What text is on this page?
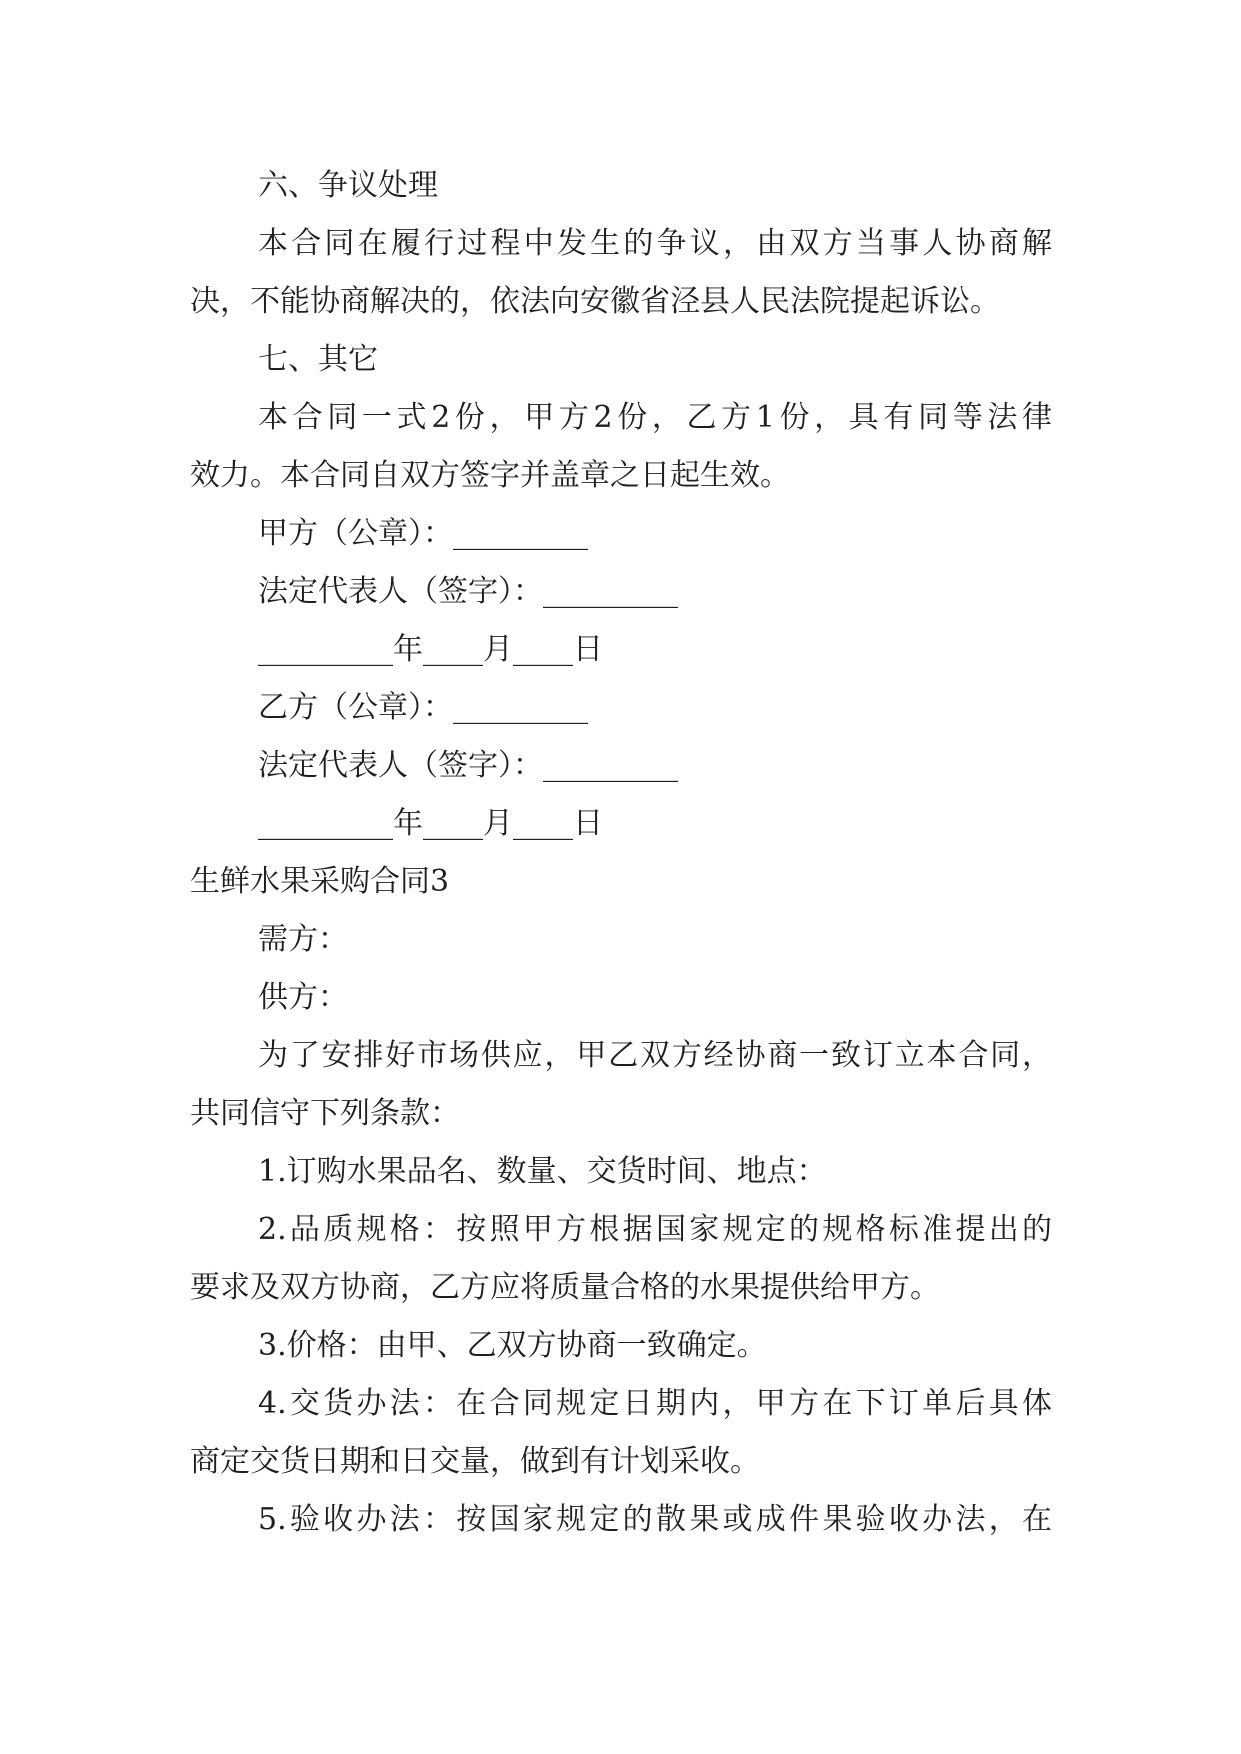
六、争议处理
本合同在履行过程中发生的争议，由双方当事人协商解
决，不能协商解决的，依法向安徽省泾县人民法院提起诉讼。
七、其它
本合同一式2份，甲方2份，乙方1份，具有同等法律
效力。本合同自双方签字并盖章之日起生效。
甲方（公章）：_________
法定代表人（签字）：_________
_________年____月____日
乙方（公章）：_________
法定代表人（签字）：_________
_________年____月____日
生鲜水果采购合同3
需方：
供方：
为了安排好市场供应，甲乙双方经协商一致订立本合同，
共同信守下列条款：
1.订购水果品名、数量、交货时间、地点：
2.品质规格：按照甲方根据国家规定的规格标准提出的
要求及双方协商，乙方应将质量合格的水果提供给甲方。
3.价格：由甲、乙双方协商一致确定。
4.交货办法：在合同规定日期内，甲方在下订单后具体
商定交货日期和日交量，做到有计划采收。
5.验收办法：按国家规定的散果或成件果验收办法，在
